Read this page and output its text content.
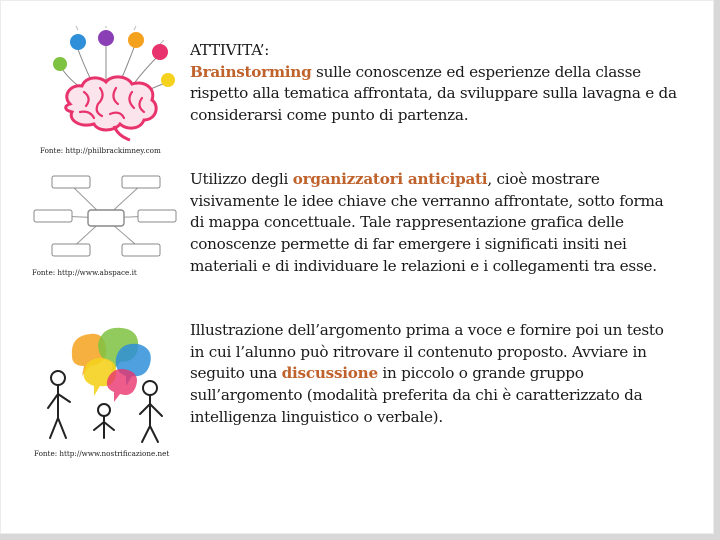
Fonte: http://philbrackimney.com
ATTIVITA’:
Brainstorming sulle conoscenze ed esperienze della classe rispetto alla tematica affrontata, da sviluppare sulla lavagna e da considerarsi come punto di partenza.
Fonte: http://www.abspace.it
Utilizzo degli organizzatori anticipati, cioè mostrare visivamente le idee chiave che verranno affrontate, sotto forma di mappa concettuale. Tale rappresentazione grafica delle conoscenze permette di far emergere i significati insiti nei materiali e di individuare le relazioni e i collegamenti tra esse.
Fonte: http://www.nostrificazione.net
Illustrazione dell’argomento prima a voce e fornire poi un testo in cui l’alunno può ritrovare il contenuto proposto. Avviare in seguito una discussione in piccolo o grande gruppo sull’argomento (modalità preferita da chi è caratterizzato da intelligenza linguistico o verbale).
